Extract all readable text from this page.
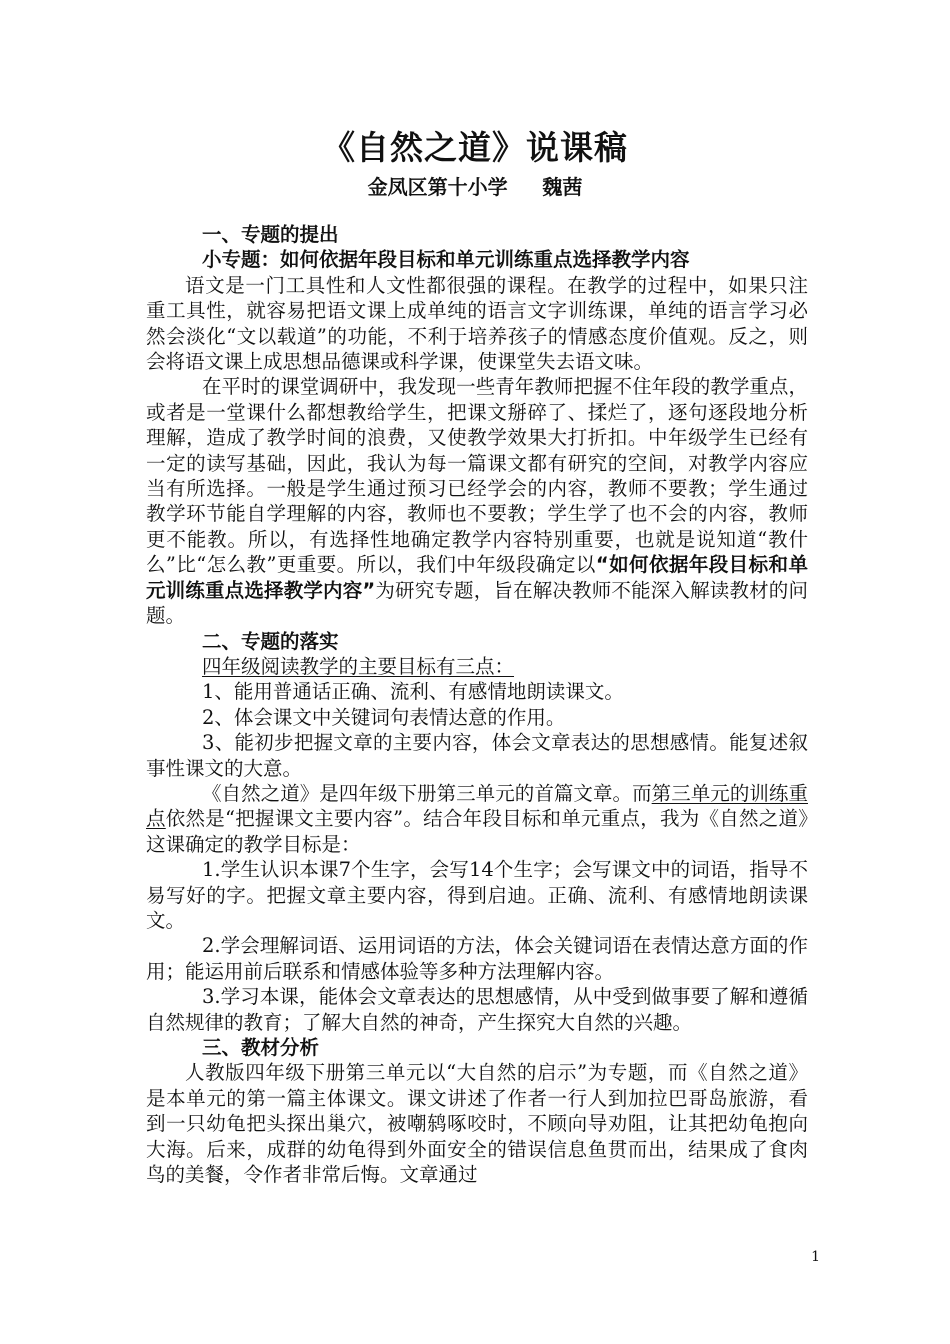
《自然之道》说课稿
金凤区第十小学     魏茜

一、专题的提出

小专题：如何依据年段目标和单元训练重点选择教学内容

语文是一门工具性和人文性都很强的课程。在教学的过程中，如果只注重工具性，就容易把语文课上成单纯的语言文字训练课，单纯的语言学习必然会淡化“文以载道”的功能，不利于培养孩子的情感态度价值观。反之，则会将语文课上成思想品德课或科学课，使课堂失去语文味。

在平时的课堂调研中，我发现一些青年教师把握不住年段的教学重点，或者是一堂课什么都想教给学生，把课文掰碎了、揉烂了，逐句逐段地分析理解，造成了教学时间的浪费，又使教学效果大打折扣。中年级学生已经有一定的读写基础，因此，我认为每一篇课文都有研究的空间，对教学内容应当有所选择。一般是学生通过预习已经学会的内容，教师不要教；学生通过教学环节能自学理解的内容，教师也不要教；学生学了也不会的内容，教师更不能教。所以，有选择性地确定教学内容特别重要，也就是说知道“教什么”比“怎么教”更重要。所以，我们中年级段确定以“如何依据年段目标和单元训练重点选择教学内容”为研究专题，旨在解决教师不能深入解读教材的问题。

二、专题的落实

四年级阅读教学的主要目标有三点：

1、能用普通话正确、流利、有感情地朗读课文。

2、体会课文中关键词句表情达意的作用。

3、能初步把握文章的主要内容，体会文章表达的思想感情。能复述叙事性课文的大意。

《自然之道》是四年级下册第三单元的首篇文章。而第三单元的训练重点依然是“把握课文主要内容”。结合年段目标和单元重点，我为《自然之道》这课确定的教学目标是：

1.学生认识本课7个生字，会写14个生字；会写课文中的词语，指导不易写好的字。把握文章主要内容，得到启迪。正确、流利、有感情地朗读课文。

2.学会理解词语、运用词语的方法，体会关键词语在表情达意方面的作用；能运用前后联系和情感体验等多种方法理解内容。

3.学习本课，能体会文章表达的思想感情，从中受到做事要了解和遵循自然规律的教育；了解大自然的神奇，产生探究大自然的兴趣。

三、教材分析

人教版四年级下册第三单元以“大自然的启示”为专题，而《自然之道》是本单元的第一篇主体课文。课文讲述了作者一行人到加拉巴哥岛旅游，看到一只幼龟把头探出巢穴，被嘲鸫啄咬时，不顾向导劝阻，让其把幼龟抱向大海。后来，成群的幼龟得到外面安全的错误信息鱼贯而出，结果成了食肉鸟的美餐，令作者非常后悔。文章通过

1
